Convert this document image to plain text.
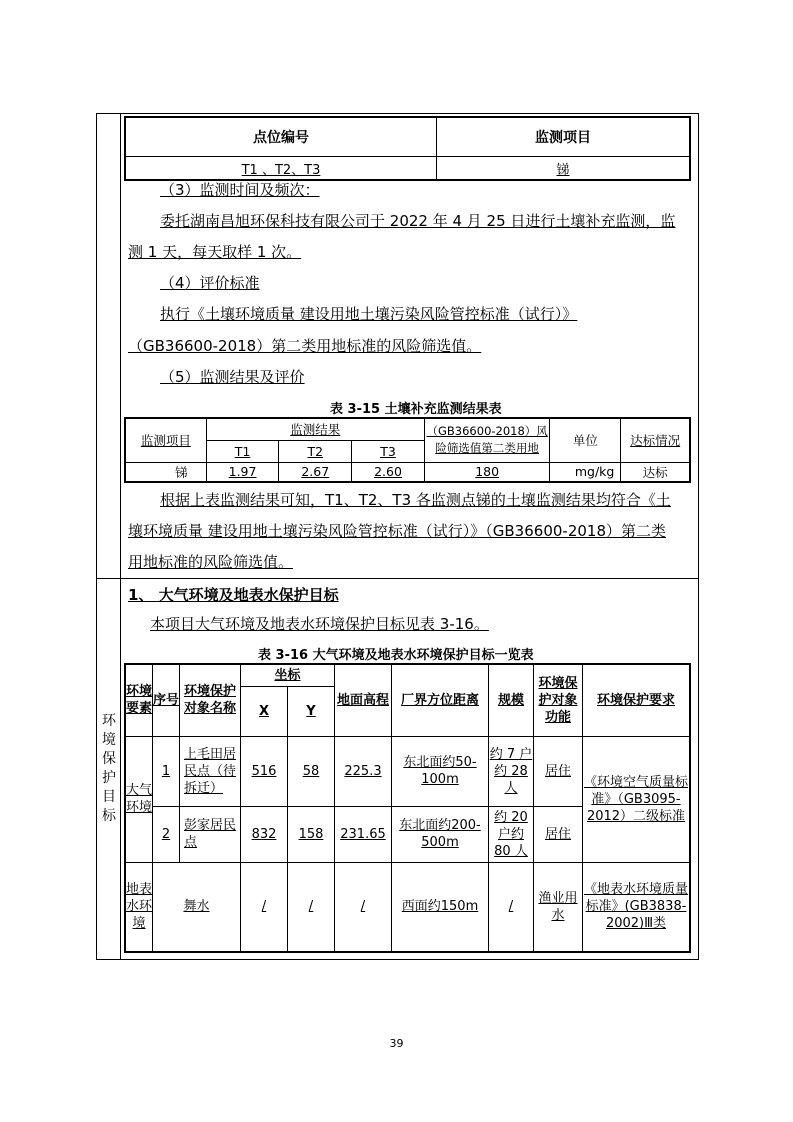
点位编号	监测项目
T1 、T2、T3	锑
（3）监测时间及频次：
委托湖南昌旭环保科技有限公司于 2022 年 4 月 25 日进行土壤补充监测，监
测 1 天，每天取样 1 次。
（4）评价标准
执行《土壤环境质量 建设用地土壤污染风险管控标准（试行）》
（GB36600-2018）第二类用地标准的风险筛选值。
（5）监测结果及评价
表 3-15 土壤补充监测结果表
监测项目	监测结果			（GB36600-2018）风险筛选值第二类用地	单位	达标情况
	T1	T2	T3			
锑	1.97	2.67	2.60	180	mg/kg	达标
根据上表监测结果可知，T1、T2、T3 各监测点锑的土壤监测结果均符合《土
壤环境质量 建设用地土壤污染风险管控标准（试行）》（GB36600-2018）第二类
用地标准的风险筛选值。
环
境
保
护
目
标
1、 大气环境及地表水保护目标
本项目大气环境及地表水环境保护目标见表 3-16。
表 3-16 大气环境及地表水环境保护目标一览表
环境要素	序号	环境保护对象名称	坐标		地面高程	厂界方位距离	规模	环境保护对象功能	环境保护要求
			X	Y					
大气环境	1	上毛田居民点（待拆迁）	516	58	225.3	东北面约50-100m	约 7 户约 28 人	居住	《环境空气质量标准》（GB3095-2012）二级标准
	2	彭家居民点	832	158	231.65	东北面约200-500m	约 20 户约 80 人	居住	
地表水环境	舞水		/	/	/	西面约150m	/	渔业用水	《地表水环境质量标准》(GB3838-2002)Ⅲ类
39
